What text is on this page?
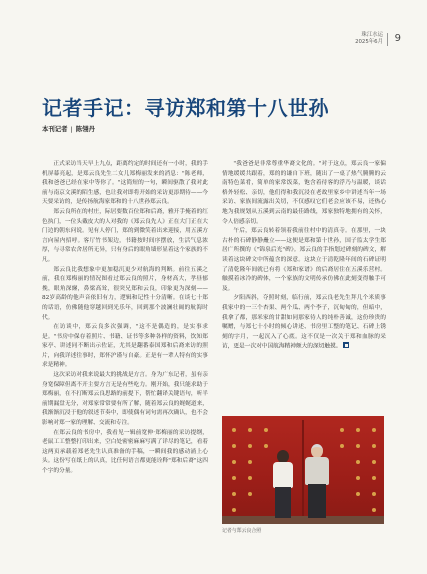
珠江水运
2025年6月 9
记者手记：寻访郑和第十八世孙
本刊记者 | 陈翎丹

正式采访当天早上九点，距离约定的时间还有一小时，我的手机屏幕亮起，是郑云良先生二女儿郑梅丽发来的消息："陈老师，我和爸爸已经在家中等你了。"这简短的一句，瞬间驱散了我对此前与南京文溪的陌生感，也让我对即将开始的采访更添期待——今天要采访的，是传扬航海家郑和的十八世孙郑云良。

郑云良所在的村庄，际居要数百位郑和后裔，雅开手掩着的红色执门，一位头戴皮大的人对我的《郑云良先人》正在大门正在大门边的朝东问说。见有人停门，郑的到微笑着出来迎接，用五溪方言向屋内招呼。客厅竹书架边，书籍按时间序摆放，生活气息浓厚，与寻常农舍居所无异，只有身后的眼角墙形显着这个家族的不凡。

郑云良比我想象中更加稳沉更少对航海的判断。前往五溪之前，我在郑梅丽的情况图看过郑云良的照片，身材高大，孝昼郁挽，眼角深窿，鼻梁高耸，很突兄郑和云良，印象更为深刻——82岁高龄的他声音依旧有力，逻辑和记性十分清晰。在谈七十郑的话语，仿佛随他穿越回到光乐年，回到那个波澜壮阔的航海时代。

在访谈中，郑云良多次强调，"这不是偶造的，是实事求是。"书房中保存着照片、书籍、证书等多种各样的资料，饮知郑家亭、讲述同不断出示佐证，尤其是翻番泰国郑和后裔来访的照片，向我详述往事时，郑怀沪谨与自豪。正是有一辈人特有的实事求是精神。

这次采访对我来说最大的挑战是方言。身为广东记者，虽有亲身宽保障但离不开主要方言无是有些吃力。刚开始，我只能求助于郑梅丽，在不打断郑云良思路的前提下，帮忙翻译关键语句，听半前期漏盘无分，对郑家常常要有所了解，随着郑云良的娓娓道来，我渐渐沉浸于他的叙述节奏中，即使偶有词句需再次确认，也不会影响对郑一家的理解、交流和专注。

在郑云良的书房中，我看见一辑前宽伸·郑梅丽的采访提纲，老鼠工工整整打印出来，空白处密密麻麻写满了详尽的笔记，看着这两页承载着郑老先生认真准备的手稿，一瞬间我的感动涌上心头。这份写在纸上的认真，比任何语言都更能诠释"郑和后裔"这四个字的分量。

"我爸爸是非常尊重华裔文化的。"对于这点，郑云良一家偏情地缓缓共跟着，郑的的谦自下班，随出了一桌了热气腾腾的云南特色菜肴，简单的家常饭菜，饱含着待客的浮乃与温暖，谈话格外轻松、亲切，他们得和我沉浸在老故里家乡中讲述当年一场采访、家族间流露出关切，不仅感叹它们老会应该不易，还热心地为我规划从五溪到云南的最佳路线，郑家独特地拥有的关怀，令人倍感亲切。

午后，郑云良转着领着我前往村中的清真寺。在那里，一块古朴的石碑静静矗立——这便是郑和第十世孙，国子监太学生郑居广所撰的《"锦泉后光"碑》。郑云良的手指划过碑刻的碑文，解读着这块碑文中所蕴含的深意。这块立于清乾隆年间的石碑证明了清乾隆年间就已有将《郑和家谱》的后裔居住在五溪乐营村。触摸着冰冷的碑体，一个家族的文明传承仿佛在此刻变得触手可及。

夕阳西斜，夺照时刻，临行前，郑云良老先生拜几个米质事我家中的一三个杏果、两个瓜、两个李子，沉甸甸的，但暗中，我拿了都，那米家的甘甜如同那家待人的纯朴善诚，这份珍贵的嘱赠，与郑七十小时的倾心讲述、书房里工整的笔记、石碑上锈刻的字月，一起沉入了心底。这不仅是一次关于郑和血脉的采访，更是一次对中国航海精神颇大的深切触摸。

记者与郑云良合照
